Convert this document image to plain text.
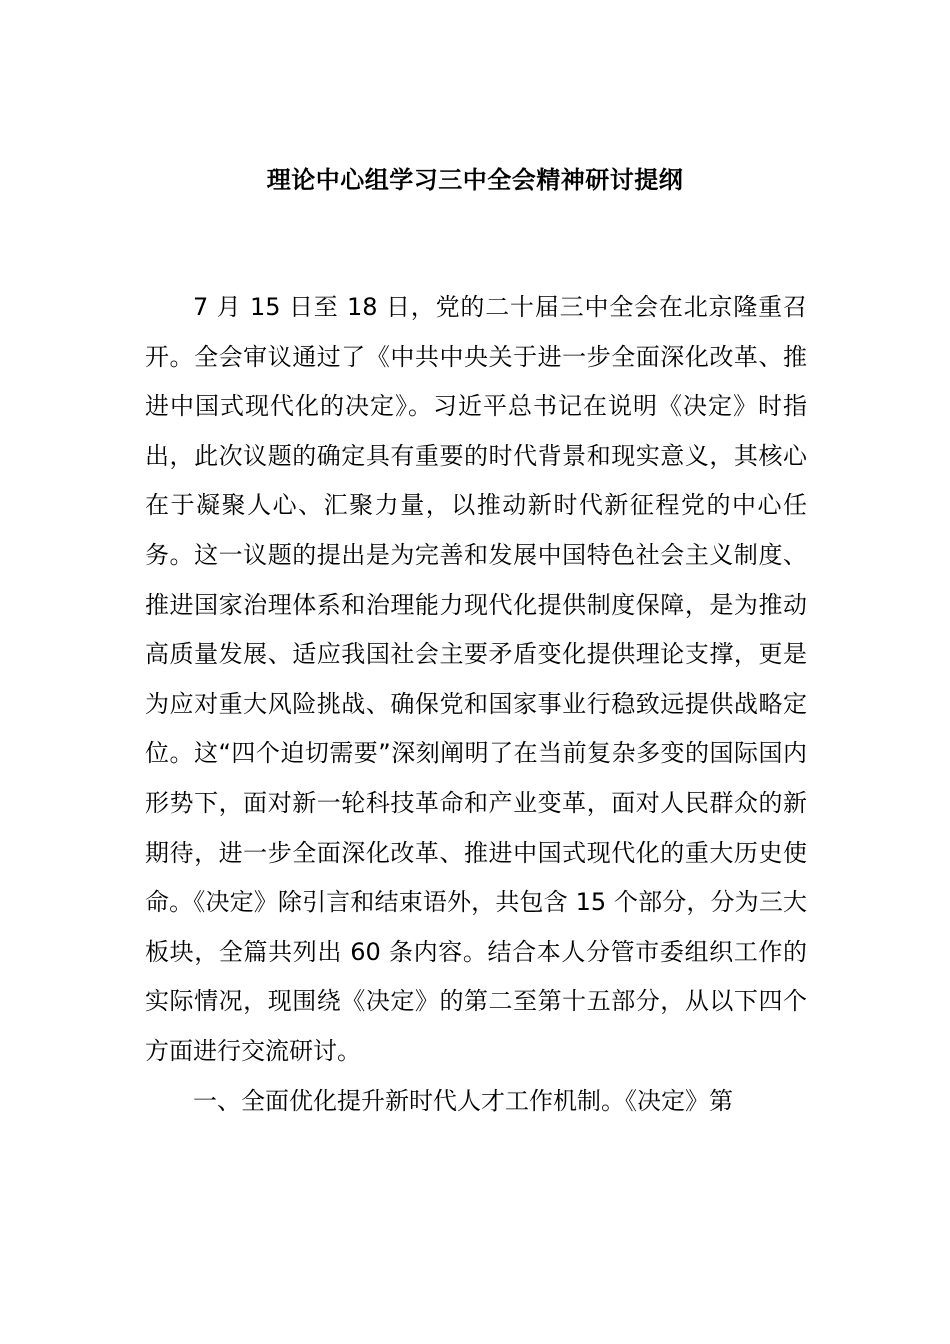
理论中心组学习三中全会精神研讨提纲

7 月 15 日至 18 日，党的二十届三中全会在北京隆重召开。全会审议通过了《中共中央关于进一步全面深化改革、推进中国式现代化的决定》。习近平总书记在说明《决定》时指出，此次议题的确定具有重要的时代背景和现实意义，其核心在于凝聚人心、汇聚力量，以推动新时代新征程党的中心任务。这一议题的提出是为完善和发展中国特色社会主义制度、推进国家治理体系和治理能力现代化提供制度保障，是为推动高质量发展、适应我国社会主要矛盾变化提供理论支撑，更是为应对重大风险挑战、确保党和国家事业行稳致远提供战略定位。这“四个迫切需要”深刻阐明了在当前复杂多变的国际国内形势下，面对新一轮科技革命和产业变革，面对人民群众的新期待，进一步全面深化改革、推进中国式现代化的重大历史使命。《决定》除引言和结束语外，共包含 15 个部分，分为三大板块，全篇共列出 60 条内容。结合本人分管市委组织工作的实际情况，现围绕《决定》的第二至第十五部分，从以下四个方面进行交流研讨。

一、全面优化提升新时代人才工作机制。《决定》第
